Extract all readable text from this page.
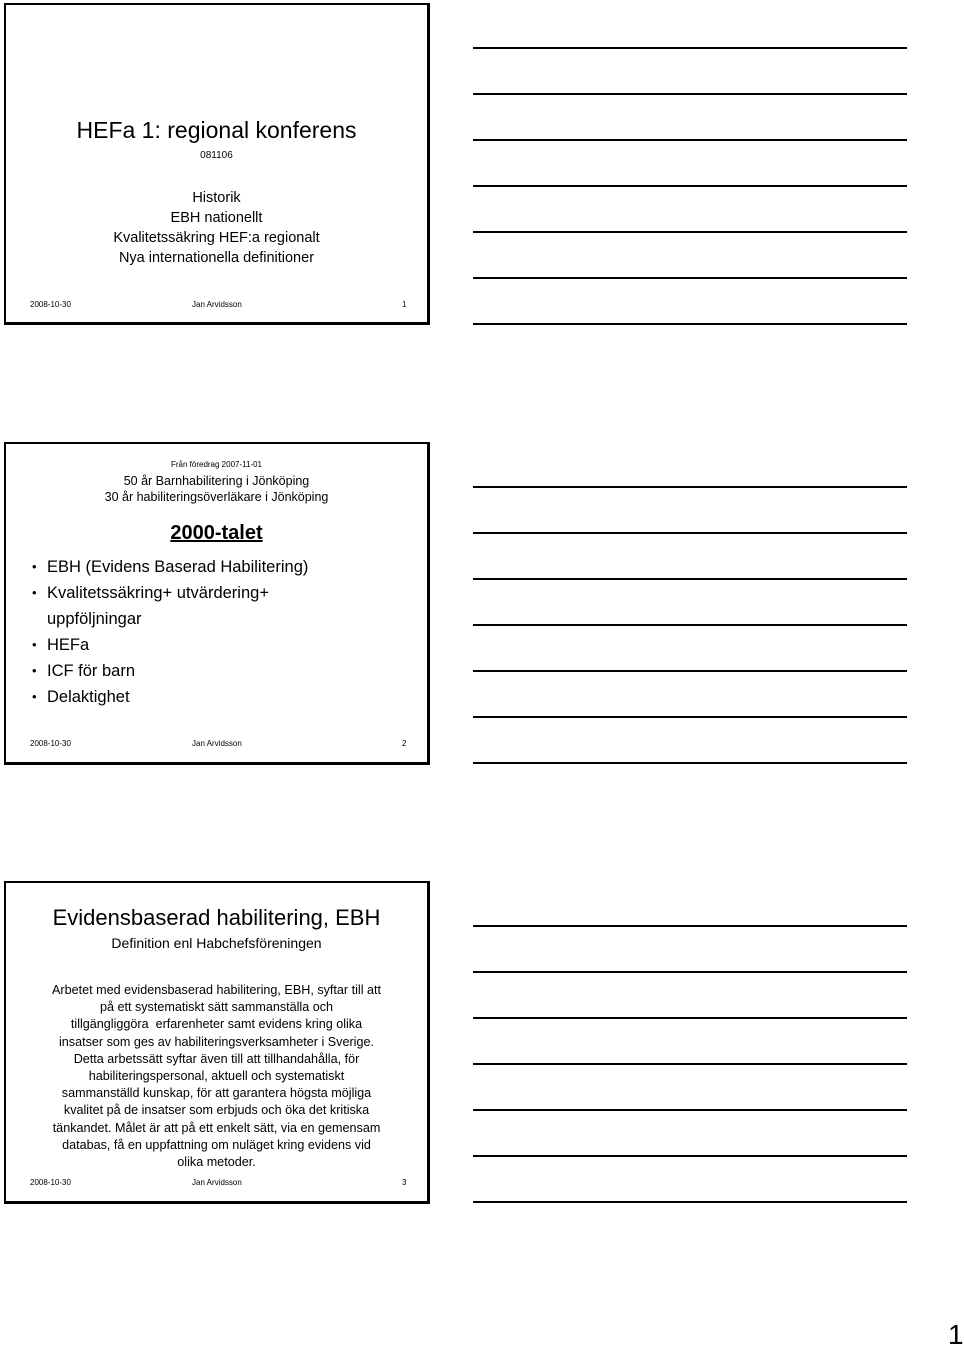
HEFa 1: regional konferens
081106
Historik
EBH nationellt
Kvalitetssäkring HEF:a regionalt
Nya internationella definitioner
2008-10-30	Jan Arvidsson	1
Från föredrag 2007-11-01
50 år Barnhabilitering i Jönköping
30 år habiliteringsöverläkare i Jönköping
2000-talet
• EBH (Evidens Baserad Habilitering)
• Kvalitetssäkring+ utvärdering+
uppföljningar
• HEFa
• ICF för barn
• Delaktighet
2008-10-30	Jan Arvidsson	2
Evidensbaserad habilitering, EBH
Definition enl Habchefsföreningen
Arbetet med evidensbaserad habilitering, EBH, syftar till att
på ett systematiskt sätt sammanställa och
tillgängliggöra  erfarenheter samt evidens kring olika
insatser som ges av habiliteringsverksamheter i Sverige.
Detta arbetssätt syftar även till att tillhandahålla, för
habiliteringspersonal, aktuell och systematiskt
sammanställd kunskap, för att garantera högsta möjliga
kvalitet på de insatser som erbjuds och öka det kritiska
tänkandet. Målet är att på ett enkelt sätt, via en gemensam
databas, få en uppfattning om nuläget kring evidens vid
olika metoder.
2008-10-30	Jan Arvidsson	3
1
